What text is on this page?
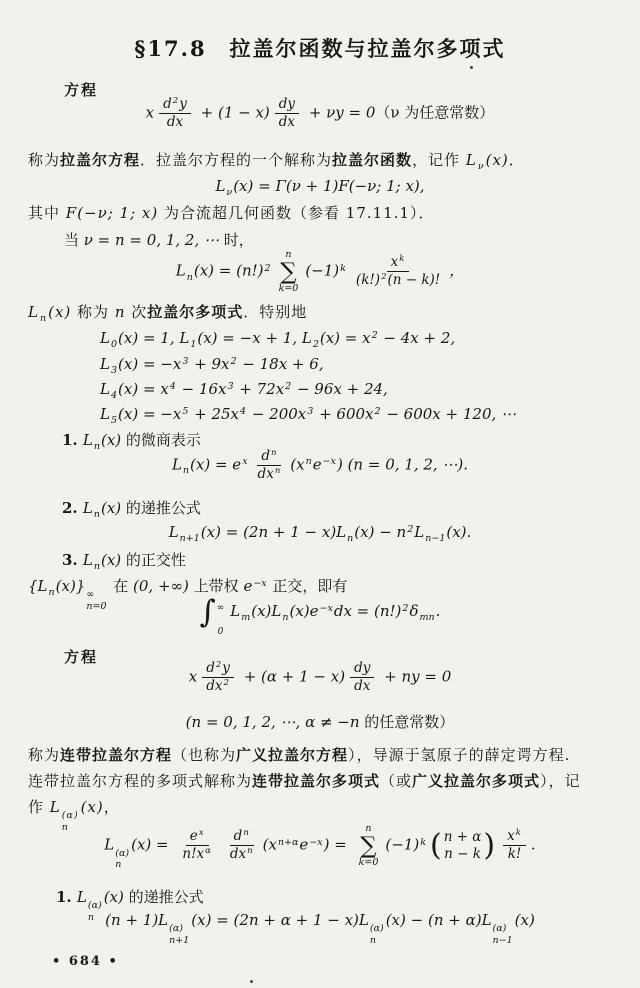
§17.8　拉盖尔函数与拉盖尔多项式
方程
x $\frac{d^2y}{dx} + (1 - x) \frac{dy}{dx} + \nu y = 0(\nu$ 为任意常数）
称为拉盖尔方程．拉盖尔方程的一个解称为拉盖尔函数，记作 $L_\nu(x)$．
$L_\nu(x) = \Gamma(\nu + 1)F(-\nu$; 1; x),
其中 F(−ν; 1; x) 为合流超几何函数（参看 17.11.1）．
当 ν = n = 0, 1, 2, ⋯ 时，
$L_n(x) = (n!)^2$
n
∑
k=0
$(-1)^k \frac{x^k}{(k!)^2(n - k)!}$ ，
$L_n(x)$ 称为 n 次拉盖尔多项式．特别地
$L_0(x) = 1$, $L_1(x) = -x + 1$, $L_2(x) = x^2 - 4x + 2$,
$L_3(x) = -x^3 + 9x^2 - 18x + 6$,
$L_4(x) = x^4 - 16x^3 + 72x^2 - 96x + 24$,
$L_5(x) = -x^5 + 25x^4 - 200x^3 + 600x^2 - 600x + 120$, ⋯
1. $L_n(x)$ 的微商表示
$L_n(x) = e^x \frac{d^n}{dx^n} (x^ne^{-x}) (n = 0$, 1, 2, ⋯).
2. $L_n(x)$ 的递推公式
$L_{n+1}(x) = (2n + 1 - x)L_n(x) - n^2L_{n-1}(x)$.
3. $L_n(x)$ 的正交性
$\{L_n(x)\}$ ∞
n=0
在 (0, +∞) 上带权 $e^{-x}$ 正交，即有
∫ ∞
0
$L_m(x)L_n(x)e^{-x}dx = (n!)^2\delta_{mn}$.
方程
x $\frac{d^2y}{dx^2} + (\alpha + 1 - x) \frac{dy}{dx}$ + ny = 0
(n = 0, 1, 2, ⋯, α ≠ −n 的任意常数）
称为连带拉盖尔方程（也称为广义拉盖尔方程），导源于氢原子的薛定谔方程.
连带拉盖尔方程的多项式解称为连带拉盖尔多项式（或广义拉盖尔多项式），记
作 L (α)
n
(x)，
L (α)
n
$(x) = \frac{e^x}{n!x^\alpha} \frac{d^n}{dx^n} (x^{n+\alpha}e^{-x})$ =
n
∑
k=0
$(-1)^k$ ( n + α
n − k ) $\frac{x^k}{k!}$ .
1. L (α)
n
(x) 的递推公式
(n + 1)L (α)
n+1
(x) = (2n + α + 1 − x)L (α)
n
(x) − (n + α)L (α)
n−1
(x)
• 684 •
